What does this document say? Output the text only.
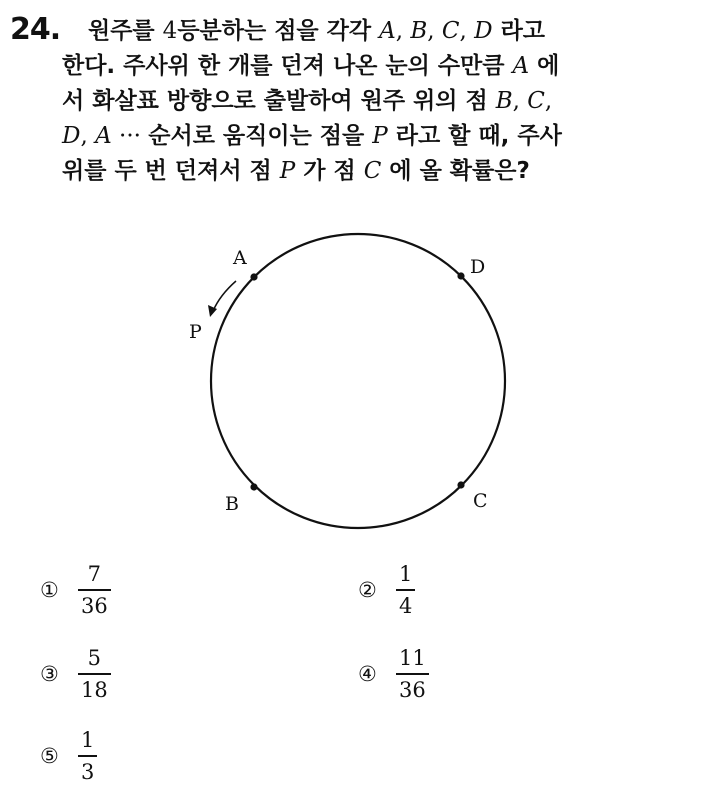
24. 원주를 4등분하는 점을 각각 A, B, C, D 라고
한다. 주사위 한 개를 던져 나온 눈의 수만큼 A 에
서 화살표 방향으로 출발하여 원주 위의 점 B, C,
D, A ··· 순서로 움직이는 점을 P 라고 할 때, 주사
위를 두 번 던져서 점 P 가 점 C 에 올 확률은?
A	D
P
B	C
① $\frac{7}{36}$	② $\frac{1}{4}$
③ $\frac{5}{18}$	④ $\frac{11}{36}$
⑤ $\frac{1}{3}$
